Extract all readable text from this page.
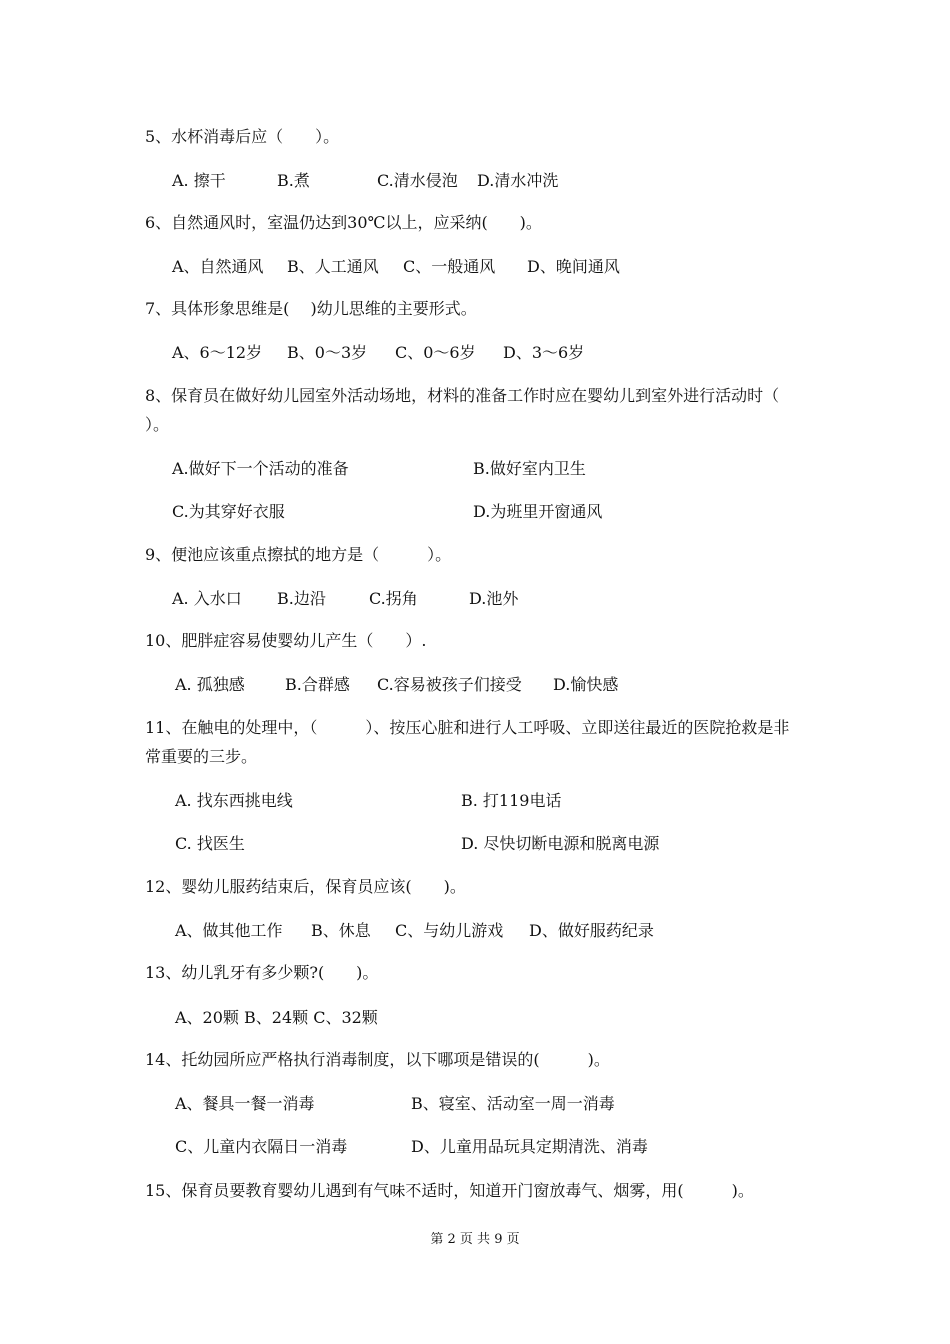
5、水杯消毒后应（　　）。
A. 擦干	B.煮	C.清水侵泡 D.清水冲洗
6、自然通风时，室温仍达到30℃以上，应采纳(　　)。
A、自然通风 B、人工通风 C、一般通风 D、晚间通风
7、具体形象思维是(　 )幼儿思维的主要形式。
A、6～12岁 B、0～3岁 C、0～6岁 D、3～6岁
8、保育员在做好幼儿园室外活动场地，材料的准备工作时应在婴幼儿到室外进行活动时（
）。
A.做好下一个活动的准备	B.做好室内卫生
C.为其穿好衣服	D.为班里开窗通风
9、便池应该重点擦拭的地方是（　　　）。
A. 入水口 B.边沿	C.拐角	D.池外
10、肥胖症容易使婴幼儿产生（　　）.
A. 孤独感	B.合群感 C.容易被孩子们接受 D.愉快感
11、在触电的处理中，（　　　）、按压心脏和进行人工呼吸、立即送往最近的医院抢救是非
常重要的三步。
A. 找东西挑电线	B. 打119电话
C. 找医生	D. 尽快切断电源和脱离电源
12、婴幼儿服药结束后，保育员应该(　　)。
A、做其他工作 B、休息 C、与幼儿游戏 D、做好服药纪录
13、幼儿乳牙有多少颗?(　　)。
A、20颗 B、24颗 C、32颗
14、托幼园所应严格执行消毒制度，以下哪项是错误的(　　　)。
A、餐具一餐一消毒	B、寝室、活动室一周一消毒
C、儿童内衣隔日一消毒	D、儿童用品玩具定期清洗、消毒
15、保育员要教育婴幼儿遇到有气味不适时，知道开门窗放毒气、烟雾，用(　　　)。
第 2 页 共 9 页
